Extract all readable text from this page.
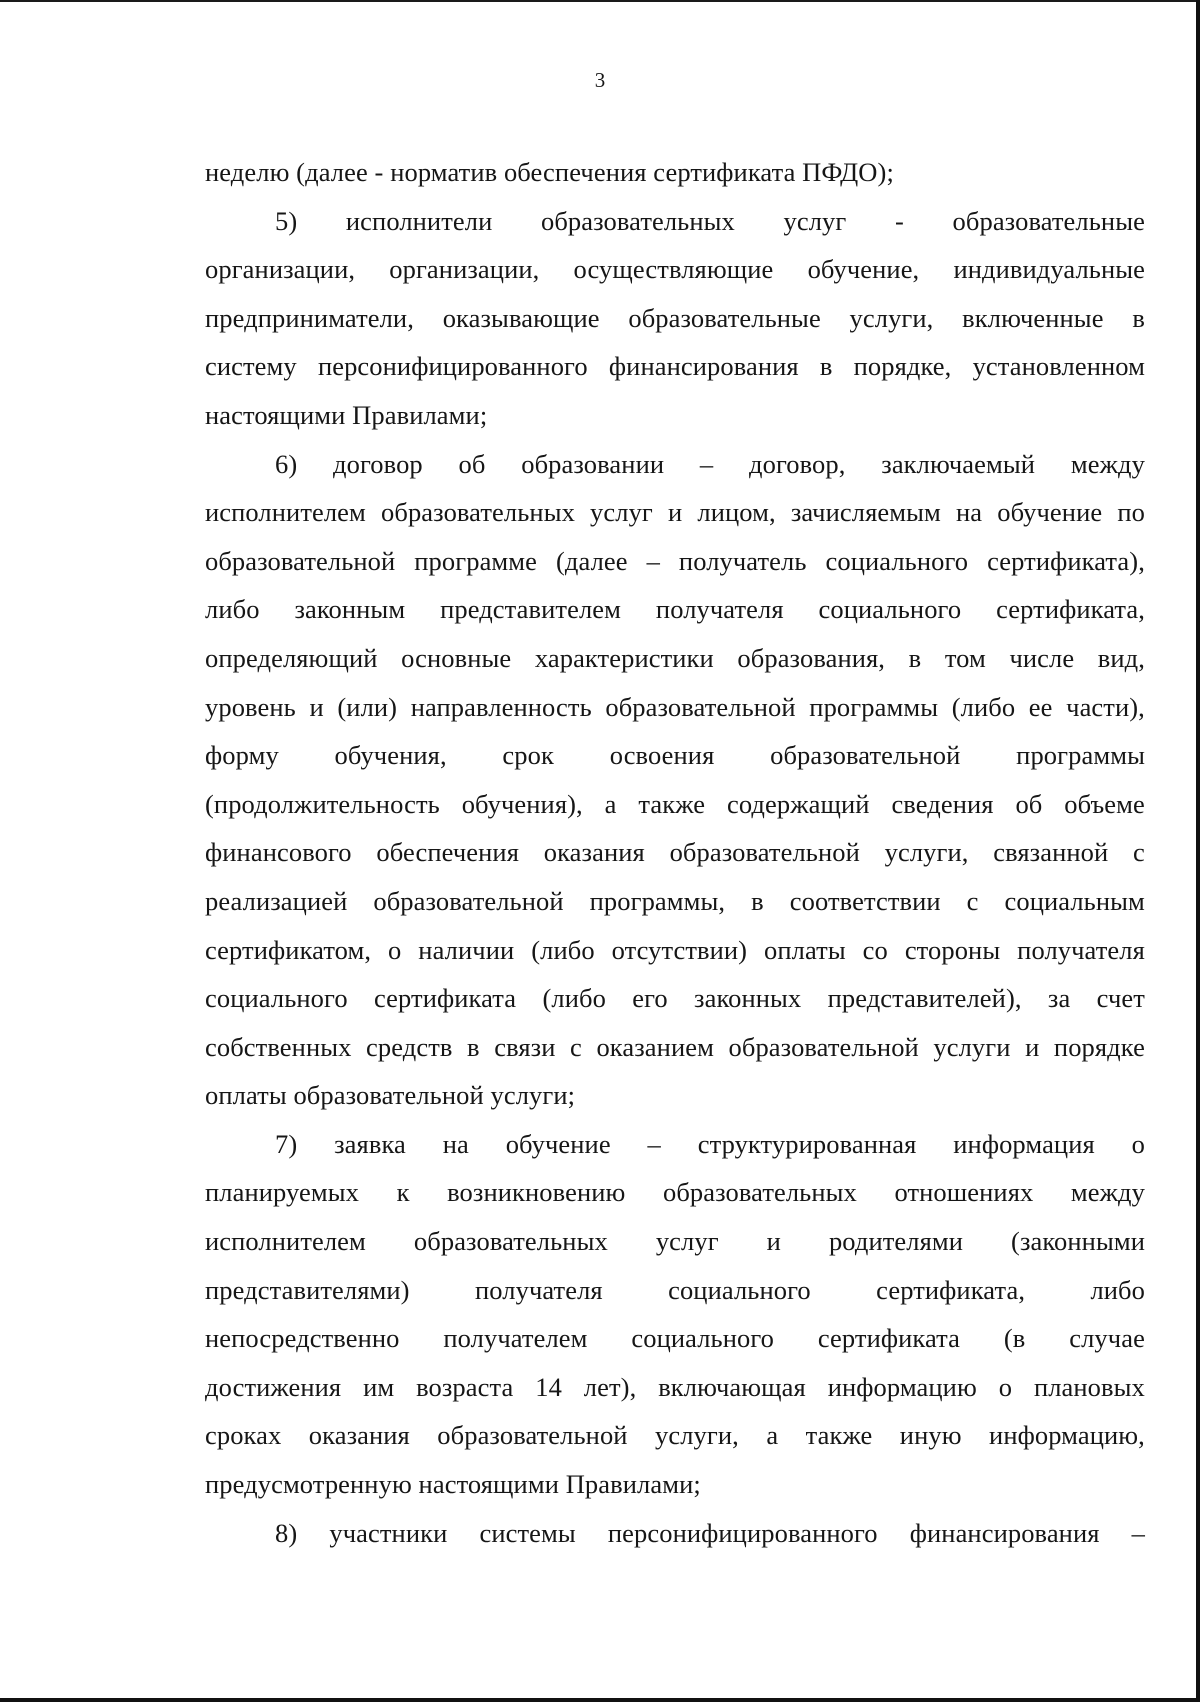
3
неделю (далее - норматив обеспечения сертификата ПФДО);
5) исполнители образовательных услуг - образовательные
организации, организации, осуществляющие обучение, индивидуальные
предприниматели, оказывающие образовательные услуги, включенные в
систему персонифицированного финансирования в порядке, установленном
настоящими Правилами;
6) договор об образовании – договор, заключаемый между
исполнителем образовательных услуг и лицом, зачисляемым на обучение по
образовательной программе (далее – получатель социального сертификата),
либо законным представителем получателя социального сертификата,
определяющий основные характеристики образования, в том числе вид,
уровень и (или) направленность образовательной программы (либо ее части),
форму обучения, срок освоения образовательной программы
(продолжительность обучения), а также содержащий сведения об объеме
финансового обеспечения оказания образовательной услуги, связанной с
реализацией образовательной программы, в соответствии с социальным
сертификатом, о наличии (либо отсутствии) оплаты со стороны получателя
социального сертификата (либо его законных представителей), за счет
собственных средств в связи с оказанием образовательной услуги и порядке
оплаты образовательной услуги;
7) заявка на обучение – структурированная информация о
планируемых к возникновению образовательных отношениях между
исполнителем образовательных услуг и родителями (законными
представителями) получателя социального сертификата, либо
непосредственно получателем социального сертификата (в случае
достижения им возраста 14 лет), включающая информацию о плановых
сроках оказания образовательной услуги, а также иную информацию,
предусмотренную настоящими Правилами;
8) участники системы персонифицированного финансирования –
